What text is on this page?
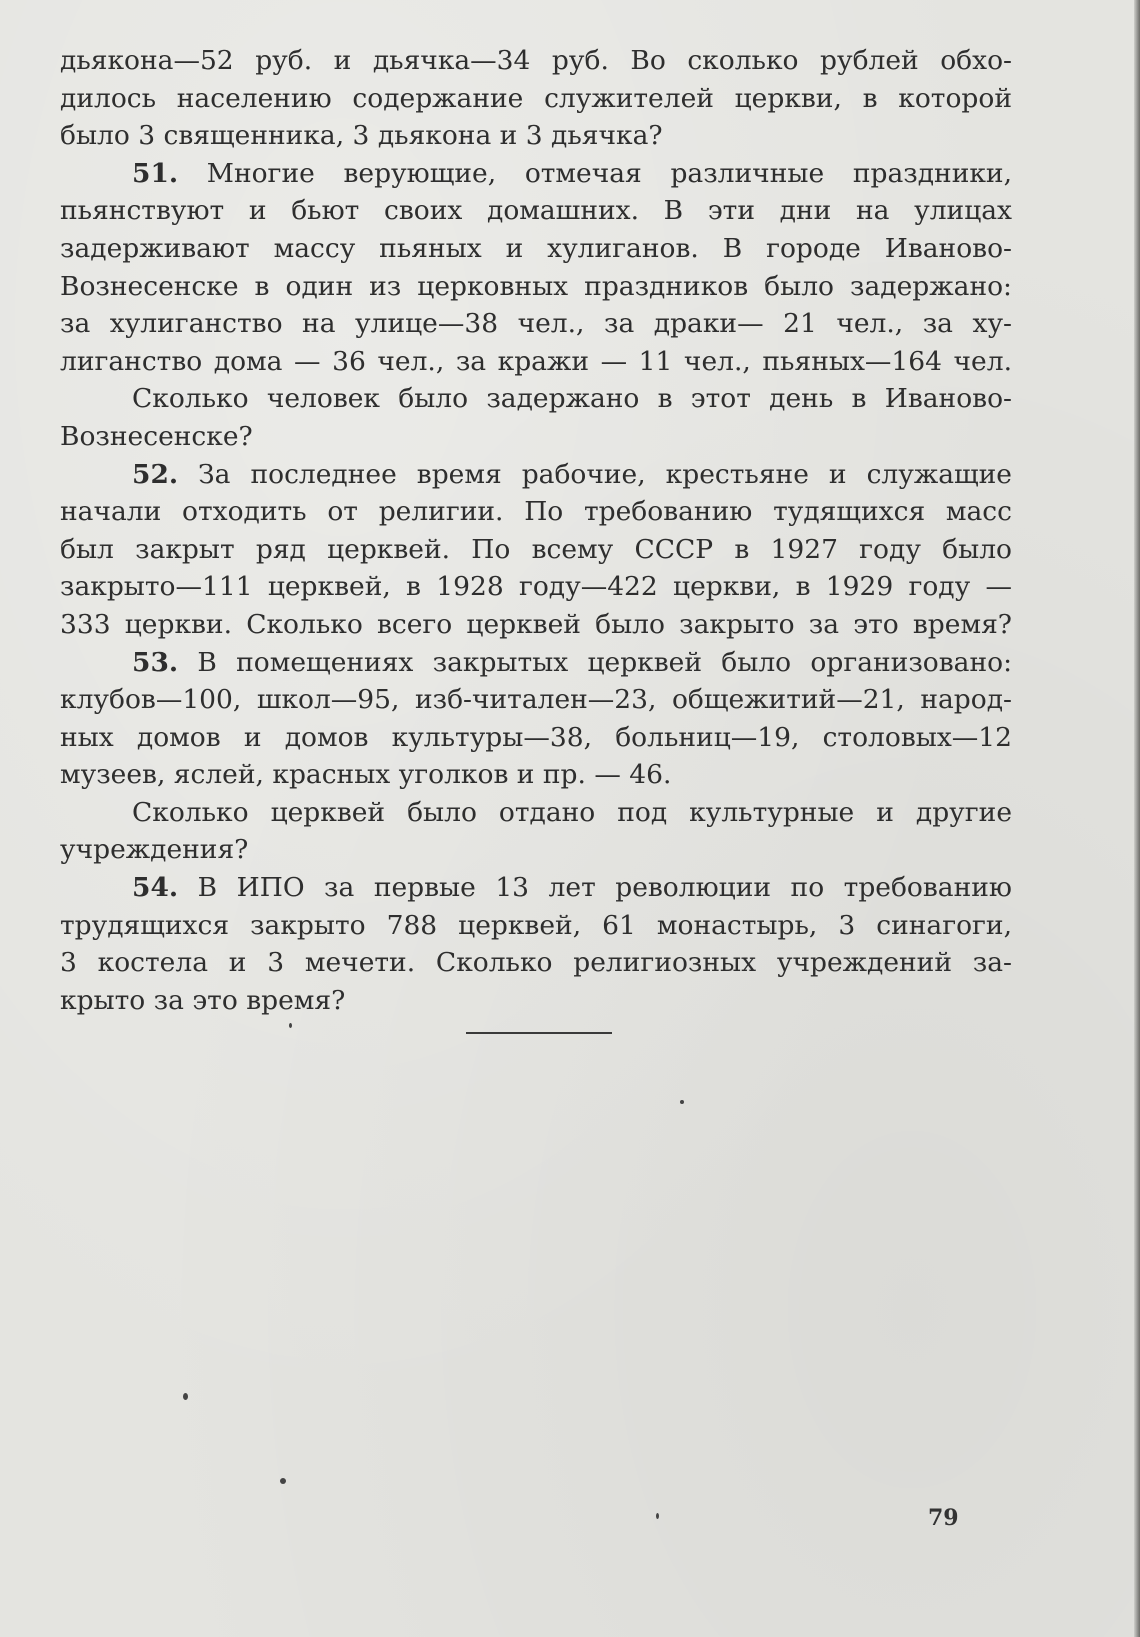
дьякона—52 руб. и дьячка—34 руб. Во сколько рублей обхо-
дилось населению содержание служителей церкви, в которой
было 3 священника, 3 дьякона и 3 дьячка?
51. Многие верующие, отмечая различные праздники,
пьянствуют и бьют своих домашних. В эти дни на улицах
задерживают массу пьяных и хулиганов. В городе Иваново-
Вознесенске в один из церковных праздников было задержано:
за хулиганство на улице—38 чел., за драки— 21 чел., за ху-
лиганство дома — 36 чел., за кражи — 11 чел., пьяных—164 чел.
Сколько человек было задержано в этот день в Иваново-
Вознесенске?
52. За последнее время рабочие, крестьяне и служащие
начали отходить от религии. По требованию тудящихся масс
был закрыт ряд церквей. По всему СССР в 1927 году было
закрыто—111 церквей, в 1928 году—422 церкви, в 1929 году —
333 церкви. Сколько всего церквей было закрыто за это время?
53. В помещениях закрытых церквей было организовано:
клубов—100, школ—95, изб-читален—23, общежитий—21, народ-
ных домов и домов культуры—38, больниц—19, столовых—12
музеев, яслей, красных уголков и пр. — 46.
Сколько церквей было отдано под культурные и другие
учреждения?
54. В ИПО за первые 13 лет революции по требованию
трудящихся закрыто 788 церквей, 61 монастырь, 3 синагоги,
3 костела и 3 мечети. Сколько религиозных учреждений за-
крыто за это время?
79
